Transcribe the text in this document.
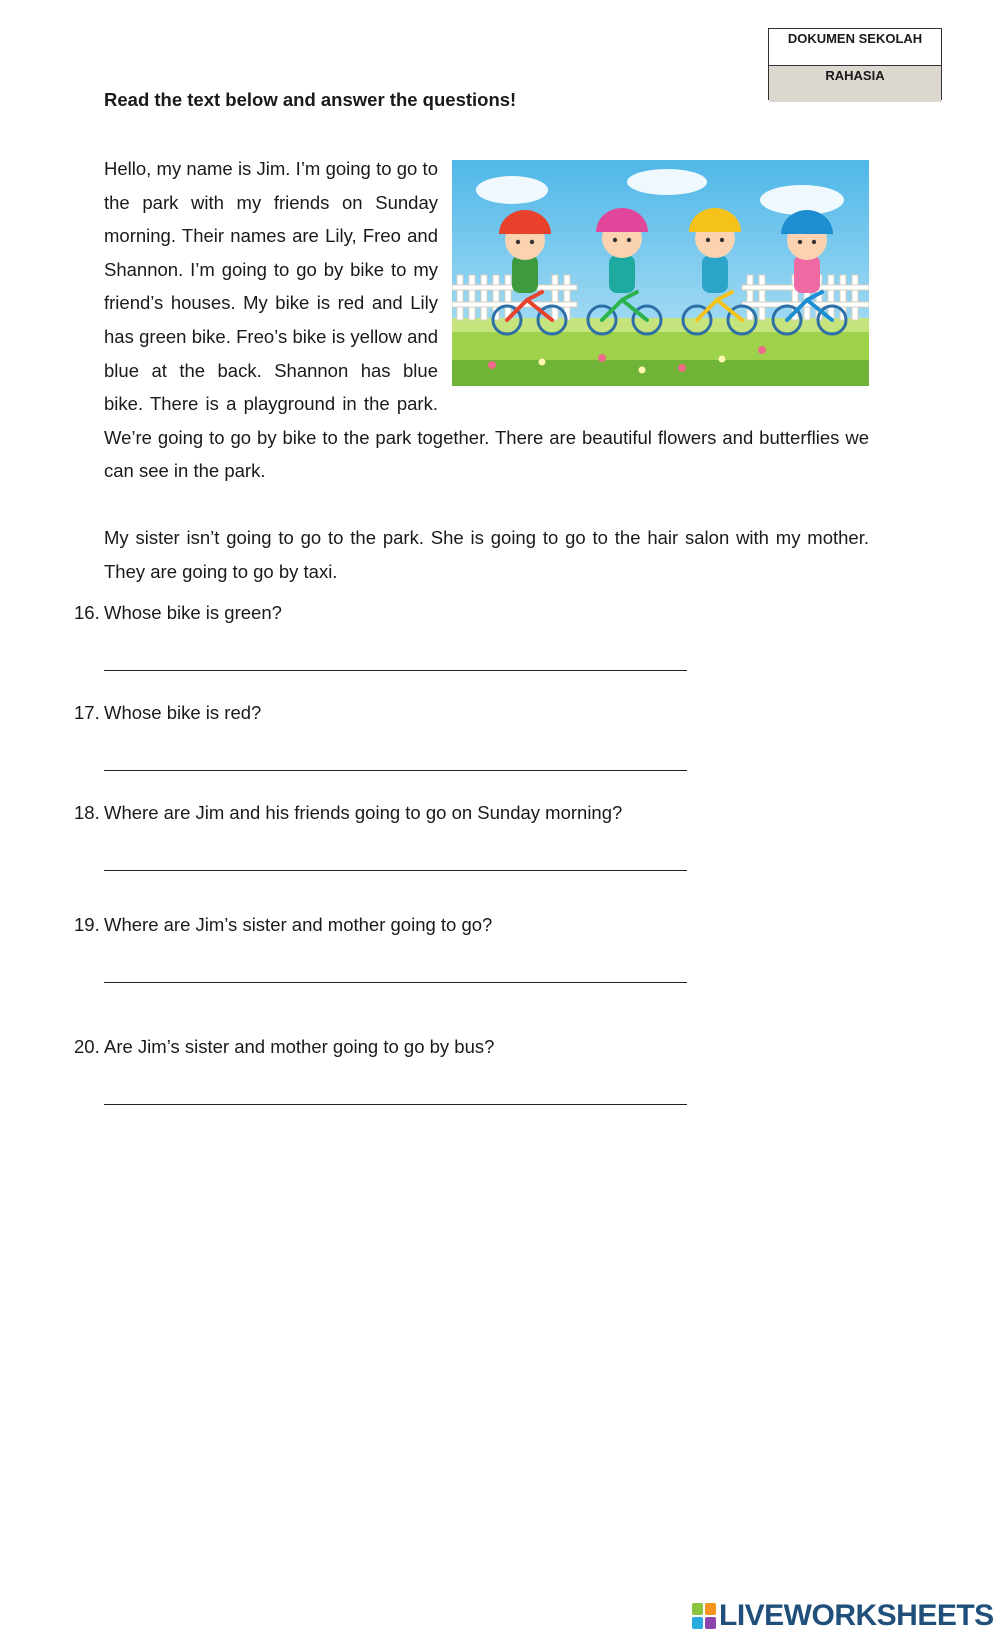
DOKUMEN SEKOLAH
RAHASIA
Read the text below and answer the questions!
Hello, my name is Jim. I’m going to go to the park with my friends on Sunday morning. Their names are Lily, Freo and Shannon. I’m going to go by bike to my friend’s houses. My bike is red and Lily has green bike. Freo’s bike is yellow and blue at the back. Shannon has blue bike. There is a playground in the park. We’re going to go by bike to the park together. There are beautiful flowers and butterflies we can see in the park.
My sister isn’t going to go to the park. She is going to go to the hair salon with my mother. They are going to go by taxi.
16. Whose bike is green?
17. Whose bike is red?
18. Where are Jim and his friends going to go on Sunday morning?
19. Where are Jim’s sister and mother going to go?
20. Are Jim’s sister and mother going to go by bus?
LIVEWORKSHEETS
